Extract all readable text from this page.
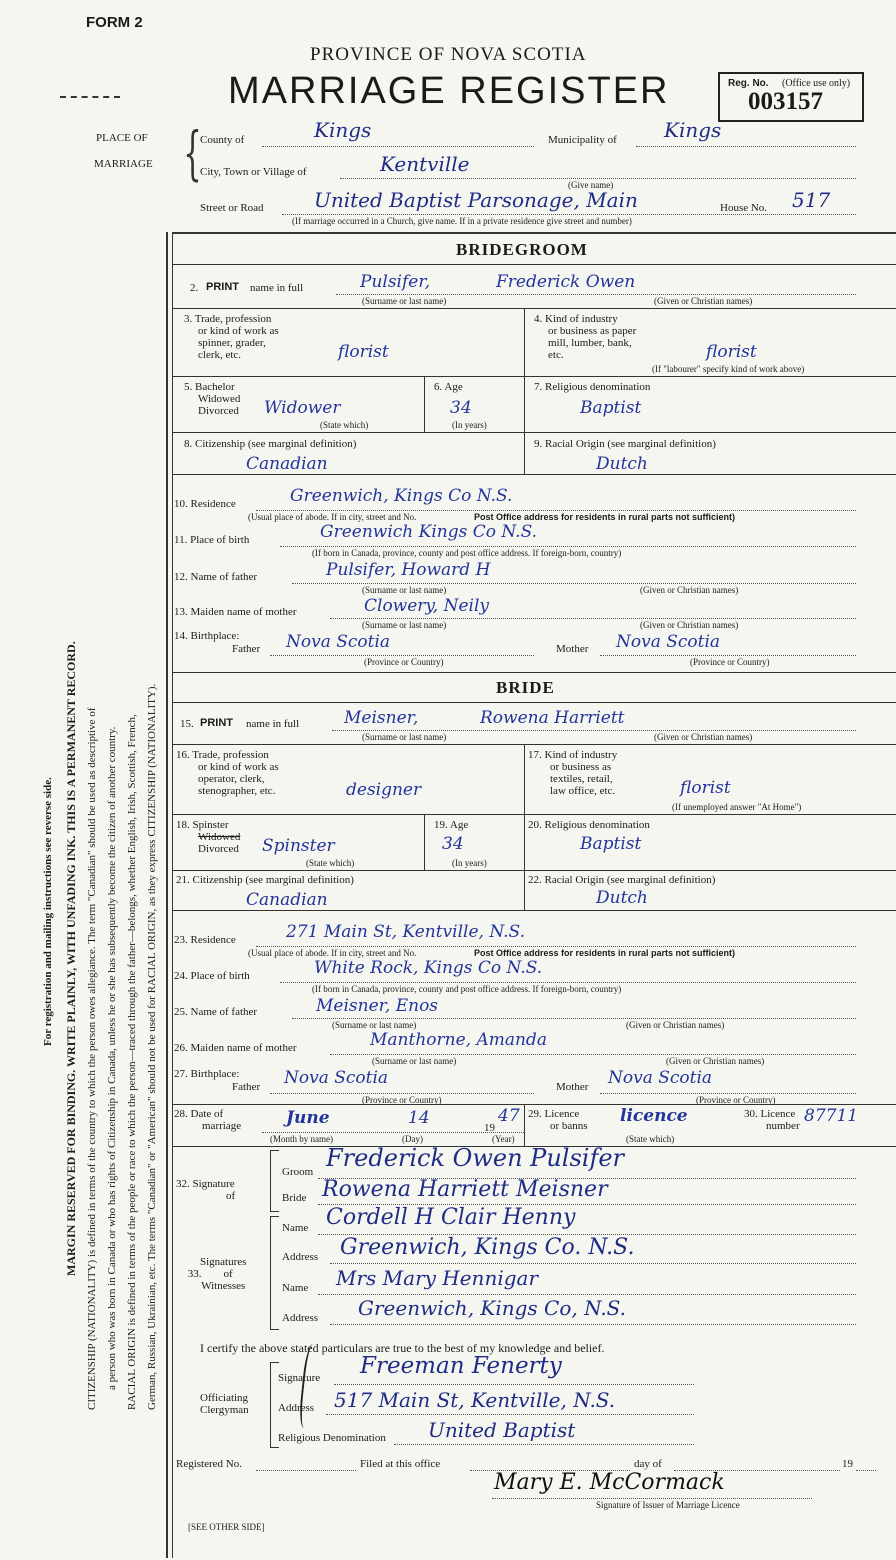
FORM 2
PROVINCE OF NOVA SCOTIA
MARRIAGE REGISTER	Reg. No. (Office use only)
003157
PLACE OF
MARRIAGE {
County of	Kings	Municipality of Kings
City, Town or Village of	Kentville
(Give name)
Street or Road	United Baptist Parsonage, Main	House No. 517
(If marriage occurred in a Church, give name. If in a private residence give street and number)
For registration and mailing instructions see reverse side. MARGIN RESERVED FOR BINDING. WRITE PLAINLY, WITH UNFADING INK. THIS IS A PERMANENT RECORD. CITIZENSHIP (NATIONALITY) is defined in terms of the country to which the person owes allegiance. The term "Canadian" should be used as descriptive of a person who was born in Canada or who has rights of Citizenship in Canada, unless he or she has subsequently become the citizen of another country. RACIAL ORIGIN is defined in terms of the people or race to which the person—traced through the father—belongs, whether English, Irish, Scottish, French, German, Russian, Ukrainian, etc. The terms "Canadian" or "American" should not be used for RACIAL ORIGIN, as they express CITIZENSHIP (NATIONALITY).
BRIDEGROOM
2. PRINT name in full	Pulsifer,	Frederick Owen
(Surname or last name)	(Given or Christian names)
3. Trade, profession
or kind of work as
spinner, grader,
clerk, etc.	florist
4. Kind of industry
or business as paper
mill, lumber, bank,
etc.	florist
(If "labourer" specify kind of work above)
5. Bachelor
Widowed
Divorced Widower
(State which)
6. Age
34
(In years)
7. Religious denomination
Baptist
8. Citizenship (see marginal definition)
Canadian
9. Racial Origin (see marginal definition)
Dutch
10. Residence	Greenwich, Kings Co N.S.
(Usual place of abode. If in city, street and No.	Post Office address for residents in rural parts not sufficient)
11. Place of birth	Greenwich Kings Co N.S.
(If born in Canada, province, county and post office address. If foreign-born, country)
12. Name of father	Pulsifer, Howard H
(Surname or last name)	(Given or Christian names)
13. Maiden name of mother	Clowery, Neily
(Surname or last name)	(Given or Christian names)
14. Birthplace:
Father Nova Scotia
(Province or Country)
Mother Nova Scotia
(Province or Country)
BRIDE
15. PRINT name in full	Meisner,	Rowena Harriett
(Surname or last name)	(Given or Christian names)
16. Trade, profession
or kind of work as
operator, clerk,
stenographer, etc.	designer
17. Kind of industry
or business as
textiles, retail,
law office, etc.	florist
(If unemployed answer "At Home")
18. Spinster
Widowed
Divorced Spinster
(State which)
19. Age
34
(In years)
20. Religious denomination
Baptist
21. Citizenship (see marginal definition)
Canadian
22. Racial Origin (see marginal definition)
Dutch
23. Residence	271 Main St, Kentville, N.S.
(Usual place of abode. If in city, street and No.	Post Office address for residents in rural parts not sufficient)
24. Place of birth	White Rock, Kings Co N.S.
(If born in Canada, province, county and post office address. If foreign-born, country)
25. Name of father	Meisner, Enos
(Surname or last name)	(Given or Christian names)
26. Maiden name of mother	Manthorne, Amanda
(Surname or last name)	(Given or Christian names)
27. Birthplace:
Father Nova Scotia
(Province or Country)
Mother Nova Scotia
(Province or Country)
28. Date of
marriage	June	14	19
47
(Month by name)	(Day)	(Year)
29. Licence
or banns licence
(State which)
30. Licence
number 87711
32. Signature
of
Groom Frederick Owen Pulsifer
Bride Rowena Harriett Meisner
Signatures
33.        of
Witnesses
Name Cordell H Clair Henny
Address Greenwich, Kings Co. N.S.
Name Mrs Mary Hennigar
Address Greenwich, Kings Co, N.S.
I certify the above stated particulars are true to the best of my knowledge and belief.
Officiating
Clergyman
Signature Freeman Fenerty
Address 517 Main St, Kentville, N.S.
Religious Denomination United Baptist
Registered No.	Filed at this office	day of	19
Mary E. McCormack
Signature of Issuer of Marriage Licence
[SEE OTHER SIDE]
